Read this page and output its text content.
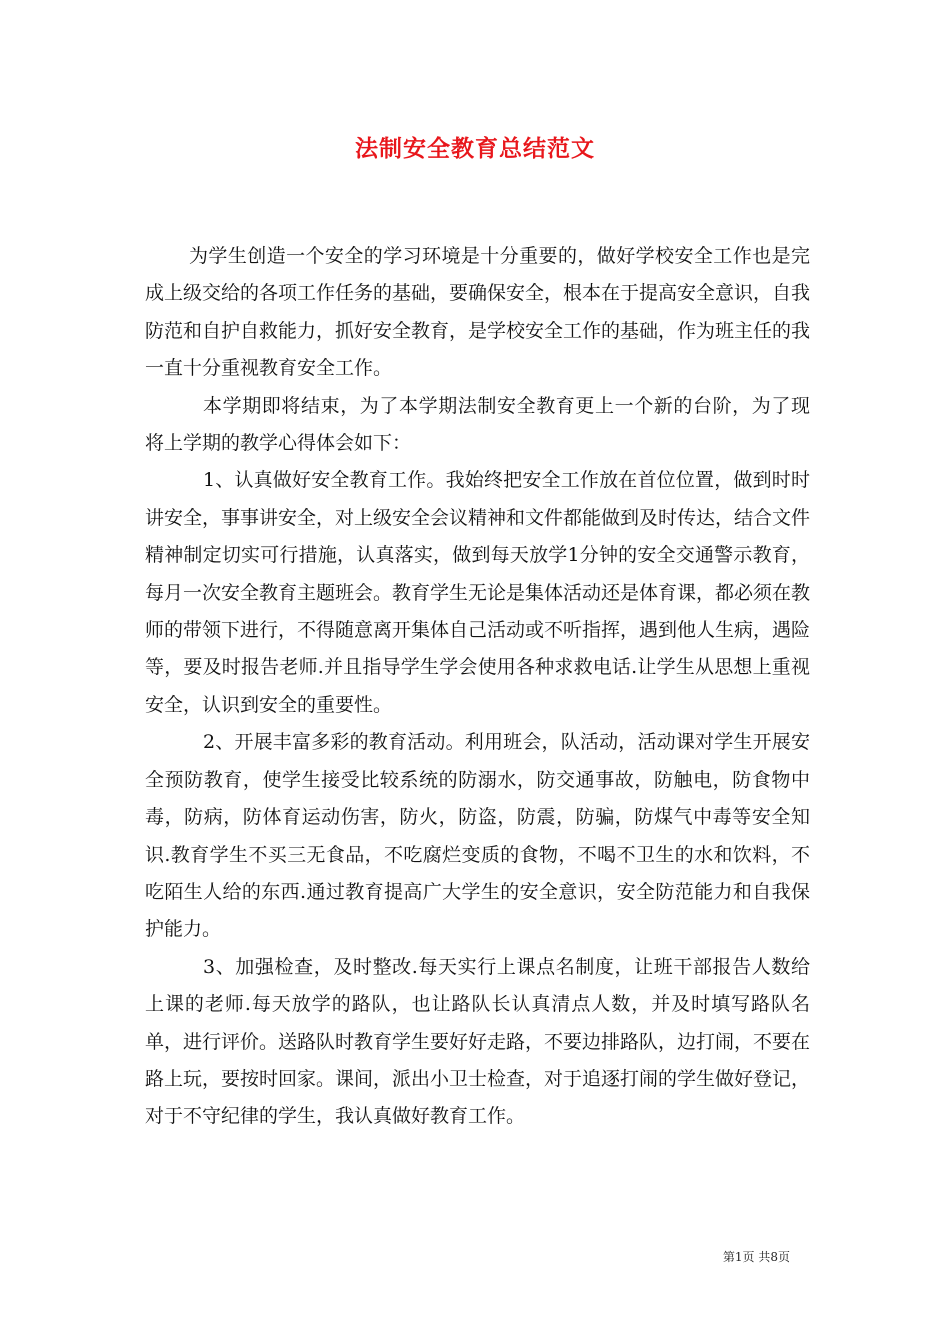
法制安全教育总结范文

为学生创造一个安全的学习环境是十分重要的，做好学校安全工作也是完成上级交给的各项工作任务的基础，要确保安全，根本在于提高安全意识，自我防范和自护自救能力，抓好安全教育，是学校安全工作的基础，作为班主任的我一直十分重视教育安全工作。

本学期即将结束，为了本学期法制安全教育更上一个新的台阶，为了现将上学期的教学心得体会如下：

1、认真做好安全教育工作。我始终把安全工作放在首位位置，做到时时讲安全，事事讲安全，对上级安全会议精神和文件都能做到及时传达，结合文件精神制定切实可行措施，认真落实，做到每天放学1分钟的安全交通警示教育，每月一次安全教育主题班会。教育学生无论是集体活动还是体育课，都必须在教师的带领下进行，不得随意离开集体自己活动或不听指挥，遇到他人生病，遇险等，要及时报告老师.并且指导学生学会使用各种求救电话.让学生从思想上重视安全，认识到安全的重要性。

2、开展丰富多彩的教育活动。利用班会，队活动，活动课对学生开展安全预防教育，使学生接受比较系统的防溺水，防交通事故，防触电，防食物中毒，防病，防体育运动伤害，防火，防盗，防震，防骗，防煤气中毒等安全知识.教育学生不买三无食品，不吃腐烂变质的食物，不喝不卫生的水和饮料，不吃陌生人给的东西.通过教育提高广大学生的安全意识，安全防范能力和自我保护能力。

3、加强检查，及时整改.每天实行上课点名制度，让班干部报告人数给上课的老师.每天放学的路队，也让路队长认真清点人数，并及时填写路队名单，进行评价。送路队时教育学生要好好走路，不要边排路队，边打闹，不要在路上玩，要按时回家。课间，派出小卫士检查，对于追逐打闹的学生做好登记，对于不守纪律的学生，我认真做好教育工作。

第1页 共8页
